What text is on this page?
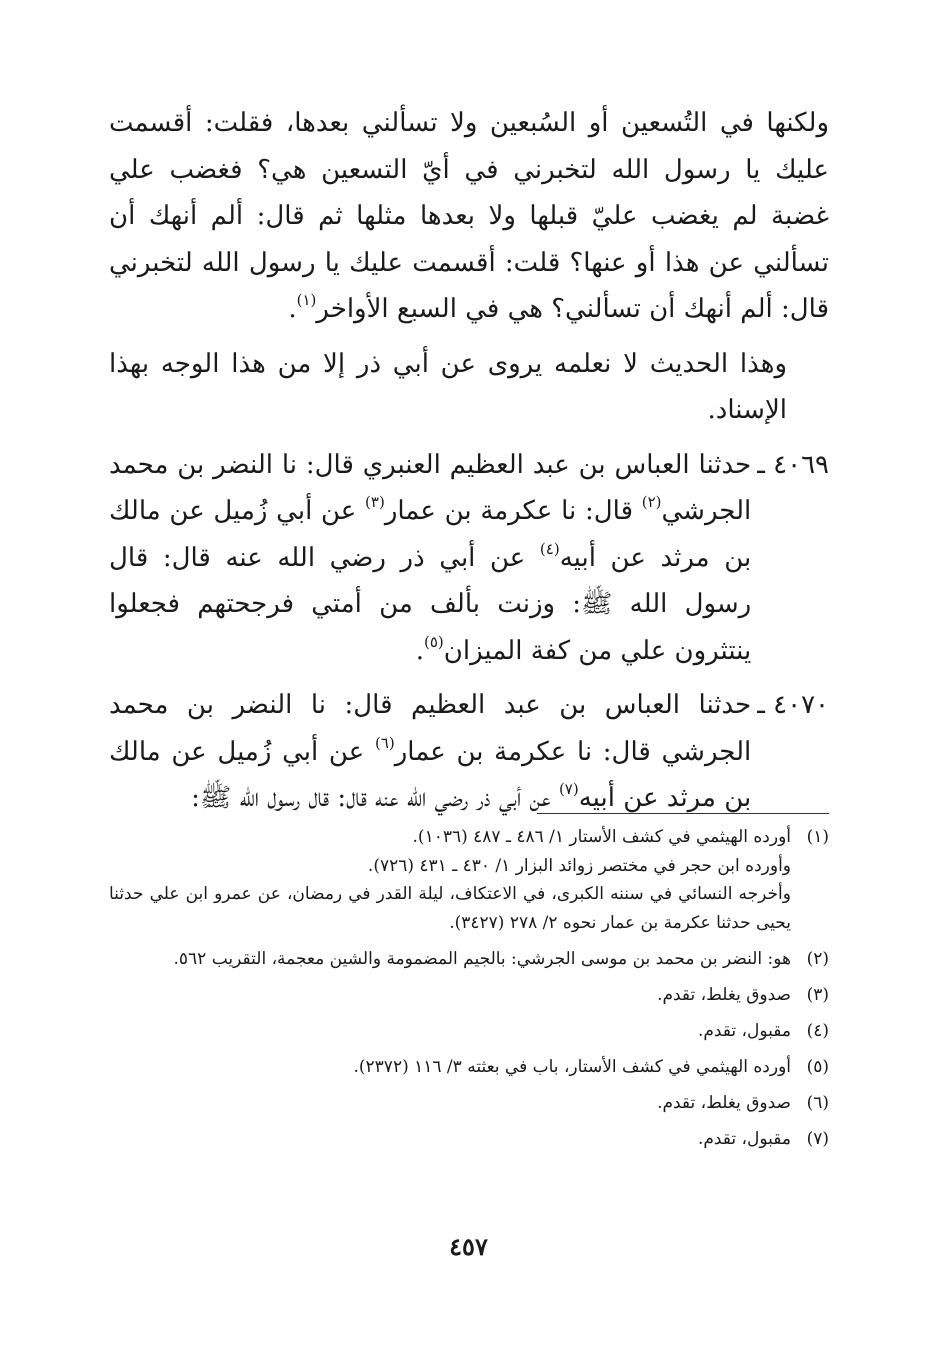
ولكنها في التُسعين أو السُبعين ولا تسألني بعدها، فقلت: أقسمت عليك يا رسول الله لتخبرني في أيّ التسعين هي؟ فغضب علي غضبة لم يغضب عليّ قبلها ولا بعدها مثلها ثم قال: ألم أنهك أن تسألني عن هذا أو عنها؟ قلت: أقسمت عليك يا رسول الله لتخبرني قال: ألم أنهك أن تسألني؟ هي في السبع الأواخر$^{(١)}$.

وهذا الحديث لا نعلمه يروى عن أبي ذر إلا من هذا الوجه بهذا الإسناد.

٤٠٦٩ ـ
حدثنا العباس بن عبد العظيم العنبري قال: نا النضر بن محمد الجرشي$^{(٢)}$ قال: نا عكرمة بن عمار$^{(٣)}$ عن أبي زُميل عن مالك بن مرثد عن أبيه$^{(٤)}$ عن أبي ذر رضي الله عنه قال: قال رسول الله ﷺ: وزنت بألف من أمتي فرجحتهم فجعلوا ينتثرون علي من كفة الميزان$^{(٥)}$.
٤٠٧٠ ـ
حدثنا العباس بن عبد العظيم قال: نا النضر بن محمد الجرشي قال: نا عكرمة بن عمار$^{(٦)}$ عن أبي زُميل عن مالك بن مرثد عن أبيه$^{(٧)}$ عن أبي ذر رضي الله عنه قال: قال رسول الله ﷺ:
(١)
أورده الهيثمي في كشف الأستار ١/ ٤٨٦ ـ ٤٨٧ (١٠٣٦).
وأورده ابن حجر في مختصر زوائد البزار ١/ ٤٣٠ ـ ٤٣١ (٧٢٦).
وأخرجه النسائي في سننه الكبرى، في الاعتكاف، ليلة القدر في رمضان، عن عمرو ابن علي حدثنا يحيى حدثنا عكرمة بن عمار نحوه ٢/ ٢٧٨ (٣٤٢٧).
(٢)
هو: النضر بن محمد بن موسى الجرشي: بالجيم المضمومة والشين معجمة، التقريب ٥٦٢.
(٣)
صدوق يغلط، تقدم.
(٤)
مقبول، تقدم.
(٥)
أورده الهيثمي في كشف الأستار، باب في بعثته ٣/ ١١٦ (٢٣٧٢).
(٦)
صدوق يغلط، تقدم.
(٧)
مقبول، تقدم.
٤٥٧
